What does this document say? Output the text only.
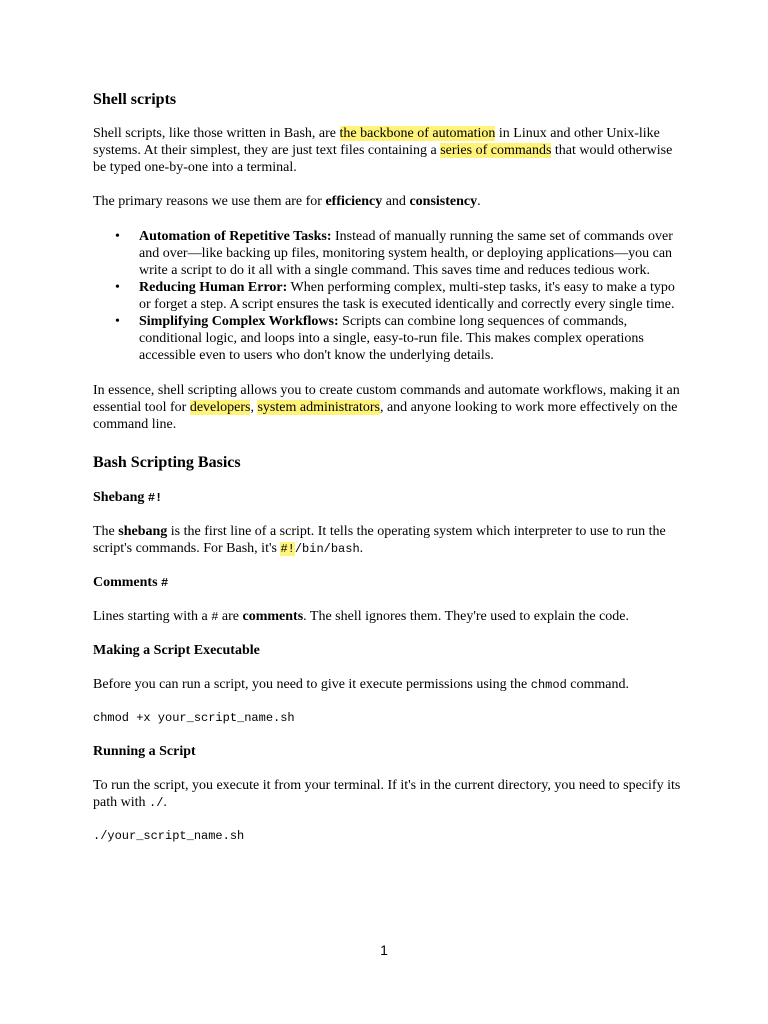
Shell scripts

Shell scripts, like those written in Bash, are the backbone of automation in Linux and other Unix-like systems. At their simplest, they are just text files containing a series of commands that would otherwise be typed one-by-one into a terminal.

The primary reasons we use them are for efficiency and consistency.

• Automation of Repetitive Tasks: Instead of manually running the same set of commands over and over—like backing up files, monitoring system health, or deploying applications—you can write a script to do it all with a single command. This saves time and reduces tedious work.
• Reducing Human Error: When performing complex, multi-step tasks, it's easy to make a typo or forget a step. A script ensures the task is executed identically and correctly every single time.
• Simplifying Complex Workflows: Scripts can combine long sequences of commands, conditional logic, and loops into a single, easy-to-run file. This makes complex operations accessible even to users who don't know the underlying details.

In essence, shell scripting allows you to create custom commands and automate workflows, making it an essential tool for developers, system administrators, and anyone looking to work more effectively on the command line.

Bash Scripting Basics
Shebang #!

The shebang is the first line of a script. It tells the operating system which interpreter to use to run the script's commands. For Bash, it's #!/bin/bash.

Comments #

Lines starting with a # are comments. The shell ignores them. They're used to explain the code.

Making a Script Executable

Before you can run a script, you need to give it execute permissions using the chmod command.

chmod +x your_script_name.sh

Running a Script

To run the script, you execute it from your terminal. If it's in the current directory, you need to specify its path with ./.

./your_script_name.sh

1
